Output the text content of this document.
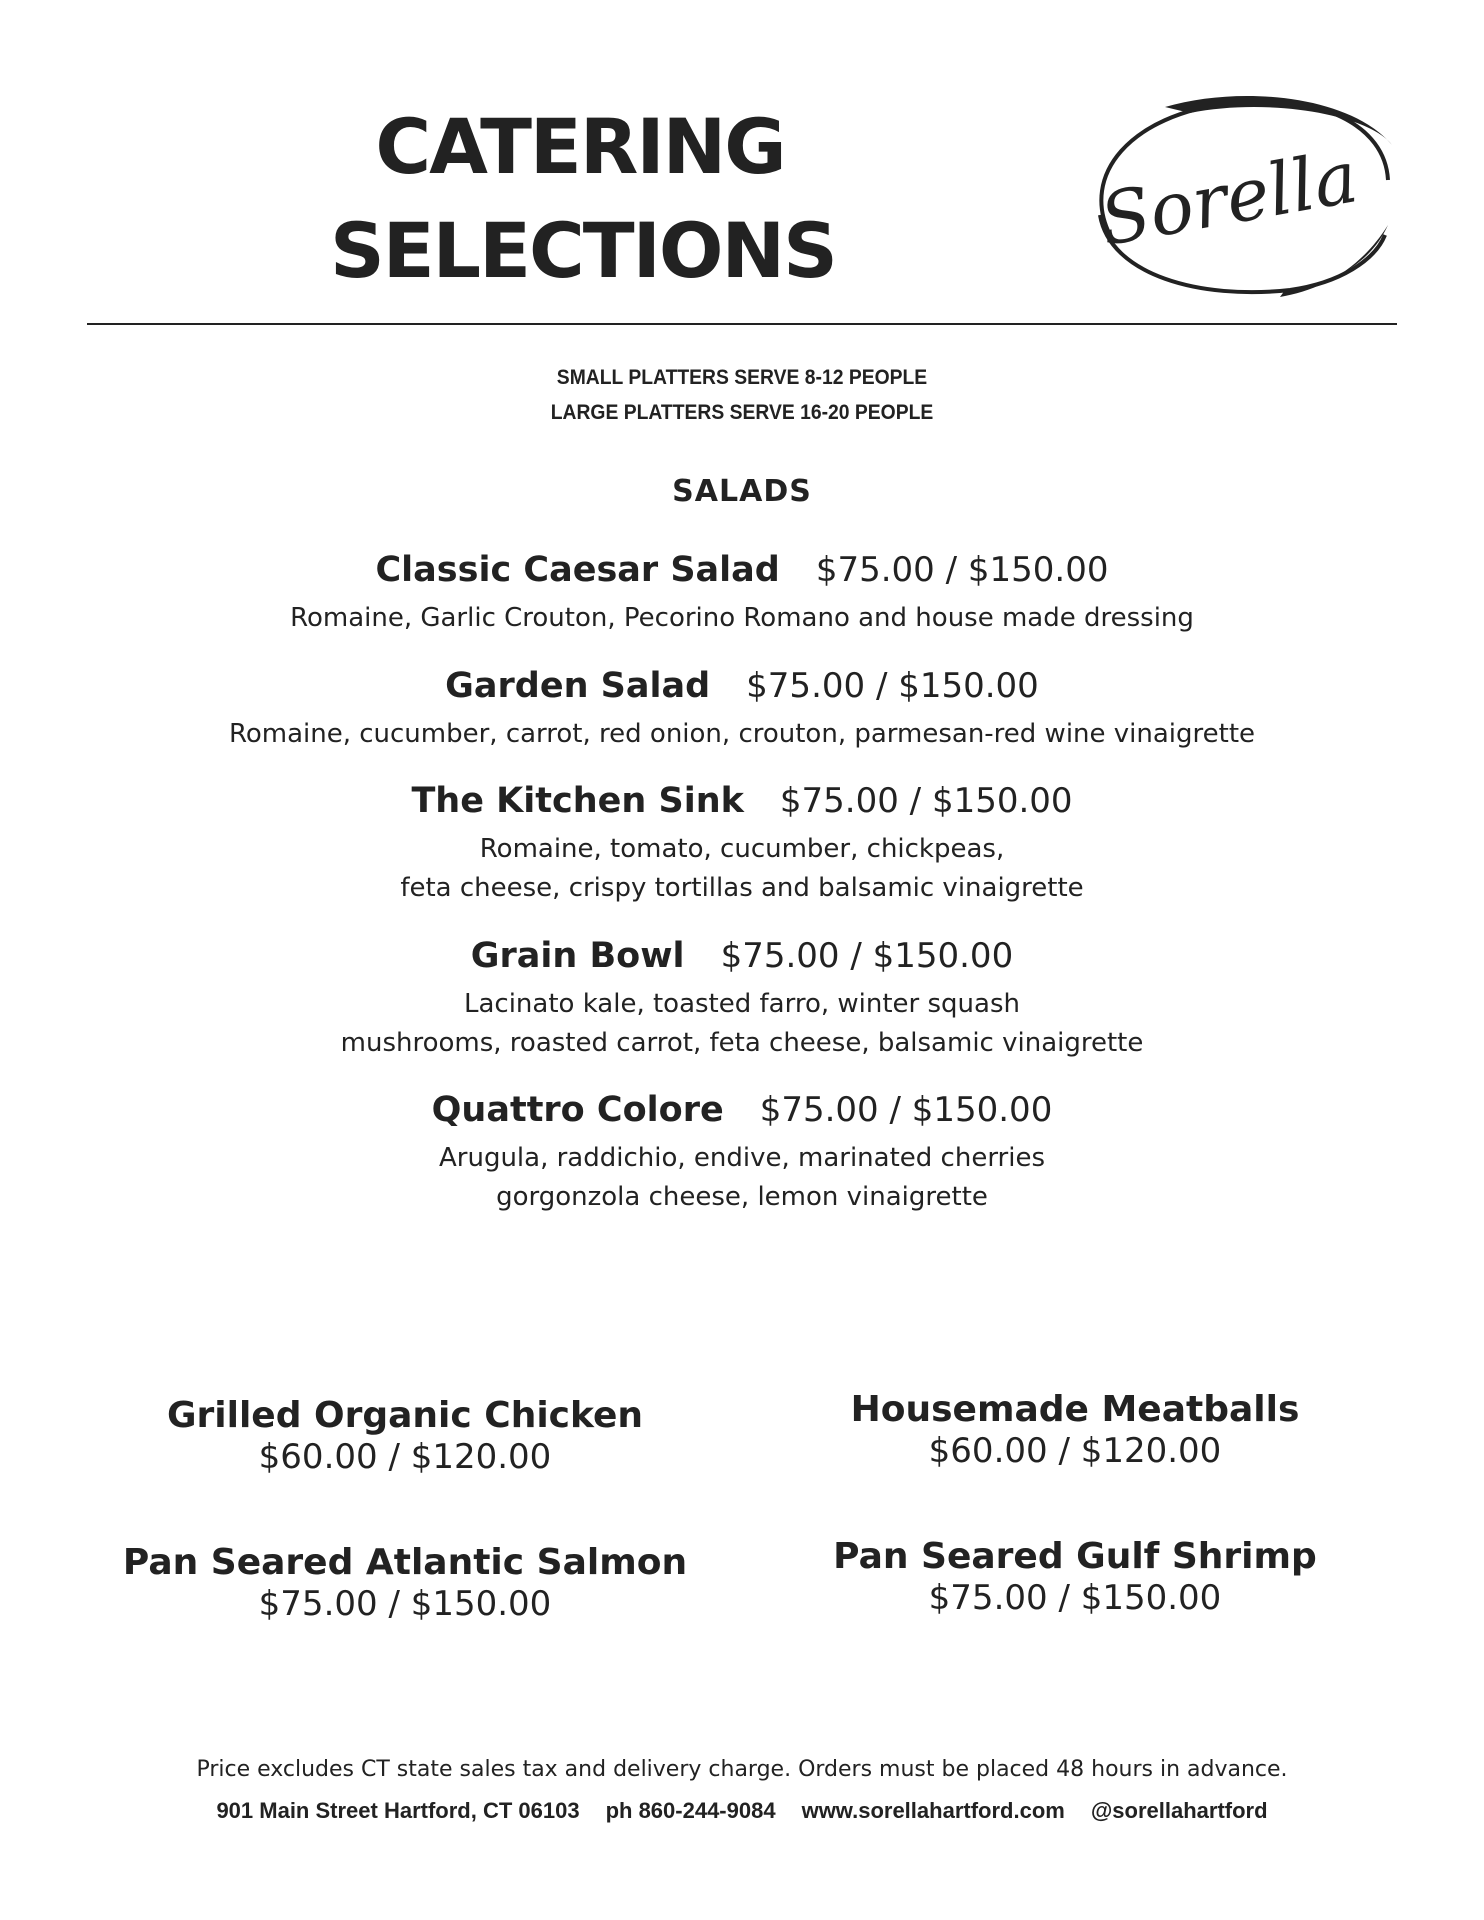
CATERING
SELECTIONS	Sorella
SMALL PLATTERS SERVE 8-12 PEOPLE
LARGE PLATTERS SERVE 16-20 PEOPLE
SALADS
Classic Caesar Salad $75.00 / $150.00
Romaine, Garlic Crouton, Pecorino Romano and house made dressing
Garden Salad $75.00 / $150.00
Romaine, cucumber, carrot, red onion, crouton, parmesan-red wine vinaigrette
The Kitchen Sink $75.00 / $150.00
Romaine, tomato, cucumber, chickpeas,
feta cheese, crispy tortillas and balsamic vinaigrette
Grain Bowl $75.00 / $150.00
Lacinato kale, toasted farro, winter squash
mushrooms, roasted carrot, feta cheese, balsamic vinaigrette
Quattro Colore $75.00 / $150.00
Arugula, raddichio, endive, marinated cherries
gorgonzola cheese, lemon vinaigrette
Grilled Organic Chicken
$60.00 / $120.00
Housemade Meatballs
$60.00 / $120.00
Pan Seared Atlantic Salmon
$75.00 / $150.00
Pan Seared Gulf Shrimp
$75.00 / $150.00
Price excludes CT state sales tax and delivery charge. Orders must be placed 48 hours in advance.
901 Main Street Hartford, CT 06103 ph 860-244-9084 www.sorellahartford.com @sorellahartford
